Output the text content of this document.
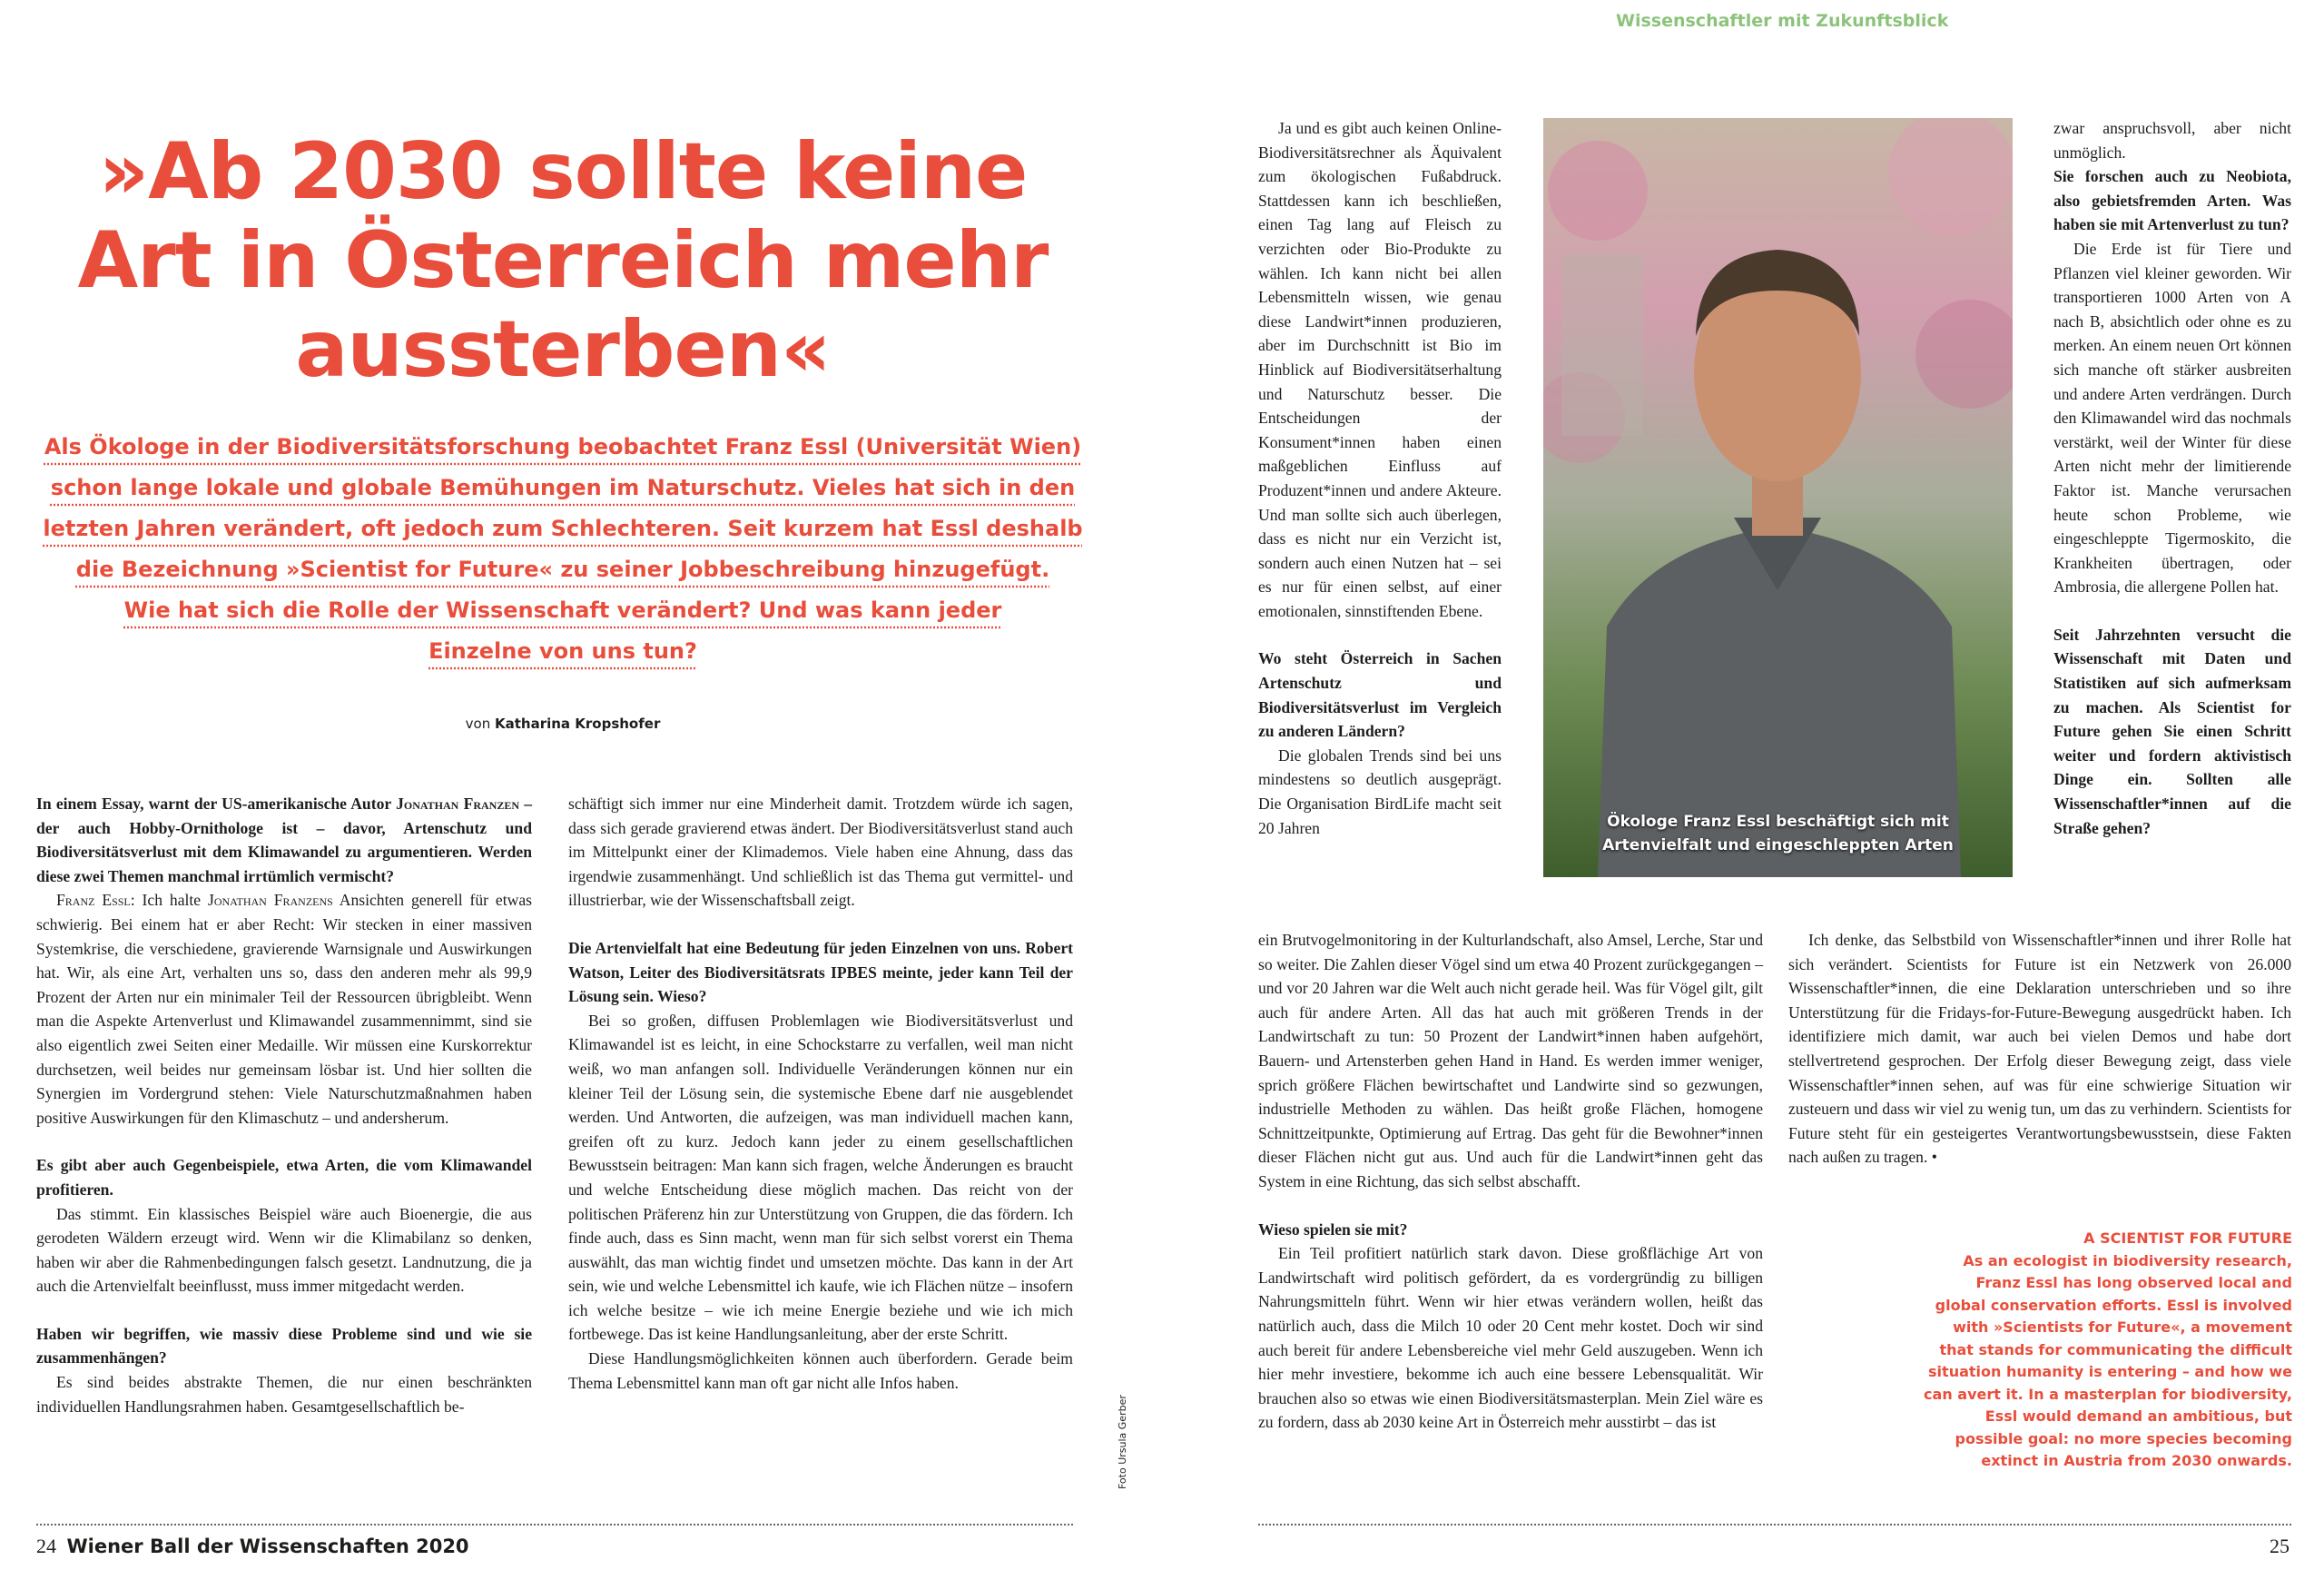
Wissenschaftler mit Zukunftsblick
»Ab 2030 sollte keine Art in Österreich mehr aussterben«
Als Ökologe in der Biodiversitätsforschung beobachtet Franz Essl (Universität Wien)
schon lange lokale und globale Bemühungen im Naturschutz. Vieles hat sich in den
letzten Jahren verändert, oft jedoch zum Schlechteren. Seit kurzem hat Essl deshalb
die Bezeichnung »Scientist for Future« zu seiner Jobbeschreibung hinzugefügt.
Wie hat sich die Rolle der Wissenschaft verändert? Und was kann jeder
Einzelne von uns tun?
von Katharina Kropshofer

In einem Essay, warnt der US-amerikanische Autor Jonathan Franzen – der auch Hobby-Ornithologe ist – davor, Artenschutz und Biodiversitätsverlust mit dem Klimawandel zu argumentieren. Werden diese zwei Themen manchmal irrtümlich vermischt?

Franz Essl: Ich halte Jonathan Franzens Ansichten generell für etwas schwierig. Bei einem hat er aber Recht: Wir stecken in einer massiven Systemkrise, die verschiedene, gravierende Warnsignale und Auswirkungen hat. Wir, als eine Art, verhalten uns so, dass den anderen mehr als 99,9 Prozent der Arten nur ein minimaler Teil der Ressourcen übrigbleibt. Wenn man die Aspekte Artenverlust und Klimawandel zusammennimmt, sind sie also eigentlich zwei Seiten einer Medaille. Wir müssen eine Kurskorrektur durchsetzen, weil beides nur gemeinsam lösbar ist. Und hier sollten die Synergien im Vordergrund stehen: Viele Naturschutzmaßnahmen haben positive Auswirkungen für den Klimaschutz – und andersherum.

Es gibt aber auch Gegenbeispiele, etwa Arten, die vom Klimawandel profitieren.

Das stimmt. Ein klassisches Beispiel wäre auch Bioenergie, die aus gerodeten Wäldern erzeugt wird. Wenn wir die Klimabilanz so denken, haben wir aber die Rahmenbedingungen falsch gesetzt. Landnutzung, die ja auch die Artenvielfalt beeinflusst, muss immer mitgedacht werden.

Haben wir begriffen, wie massiv diese Probleme sind und wie sie zusammenhängen?

Es sind beides abstrakte Themen, die nur einen beschränkten individuellen Handlungsrahmen haben. Gesamtgesellschaftlich be-

schäftigt sich immer nur eine Minderheit damit. Trotzdem würde ich sagen, dass sich gerade gravierend etwas ändert. Der Biodiversitätsverlust stand auch im Mittelpunkt einer der Klimademos. Viele haben eine Ahnung, dass das irgendwie zusammenhängt. Und schließlich ist das Thema gut vermittel- und illustrierbar, wie der Wissenschaftsball zeigt.

Die Artenvielfalt hat eine Bedeutung für jeden Einzelnen von uns. Robert Watson, Leiter des Biodiversitätsrats IPBES meinte, jeder kann Teil der Lösung sein. Wieso?

Bei so großen, diffusen Problemlagen wie Biodiversitätsverlust und Klimawandel ist es leicht, in eine Schockstarre zu verfallen, weil man nicht weiß, wo man anfangen soll. Individuelle Veränderungen können nur ein kleiner Teil der Lösung sein, die systemische Ebene darf nie ausgeblendet werden. Und Antworten, die aufzeigen, was man individuell machen kann, greifen oft zu kurz. Jedoch kann jeder zu einem gesellschaftlichen Bewusstsein beitragen: Man kann sich fragen, welche Änderungen es braucht und welche Entscheidung diese möglich machen. Das reicht von der politischen Präferenz hin zur Unterstützung von Gruppen, die das fördern. Ich finde auch, dass es Sinn macht, wenn man für sich selbst vorerst ein Thema auswählt, das man wichtig findet und umsetzen möchte. Das kann in der Art sein, wie und welche Lebensmittel ich kaufe, wie ich Flächen nütze – insofern ich welche besitze – wie ich meine Energie beziehe und wie ich mich fortbewege. Das ist keine Handlungsanleitung, aber der erste Schritt.

Diese Handlungsmöglichkeiten können auch überfordern. Gerade beim Thema Lebensmittel kann man oft gar nicht alle Infos haben.

Ökologe Franz Essl beschäftigt sich mit
Artenvielfalt und eingeschleppten Arten
Foto Ursula Gerber

Ja und es gibt auch keinen Online-Biodiversitätsrechner als Äquivalent zum ökologischen Fußabdruck. Stattdessen kann ich beschließen, einen Tag lang auf Fleisch zu verzichten oder Bio-Produkte zu wählen. Ich kann nicht bei allen Lebensmitteln wissen, wie genau diese Landwirt*innen produzieren, aber im Durchschnitt ist Bio im Hinblick auf Biodiversitätserhaltung und Naturschutz besser. Die Entscheidungen der Konsument*innen haben einen maßgeblichen Einfluss auf Produzent*innen und andere Akteure. Und man sollte sich auch überlegen, dass es nicht nur ein Verzicht ist, sondern auch einen Nutzen hat – sei es nur für einen selbst, auf einer emotionalen, sinnstiftenden Ebene.

Wo steht Österreich in Sachen Artenschutz und Biodiversitätsverlust im Vergleich zu anderen Ländern?

Die globalen Trends sind bei uns mindestens so deutlich ausgeprägt. Die Organisation BirdLife macht seit 20 Jahren

ein Brutvogelmonitoring in der Kulturlandschaft, also Amsel, Lerche, Star und so weiter. Die Zahlen dieser Vögel sind um etwa 40 Prozent zurückgegangen – und vor 20 Jahren war die Welt auch nicht gerade heil. Was für Vögel gilt, gilt auch für andere Arten. All das hat auch mit größeren Trends in der Landwirtschaft zu tun: 50 Prozent der Landwirt*innen haben aufgehört, Bauern- und Artensterben gehen Hand in Hand. Es werden immer weniger, sprich größere Flächen bewirtschaftet und Landwirte sind so gezwungen, industrielle Methoden zu wählen. Das heißt große Flächen, homogene Schnittzeitpunkte, Optimierung auf Ertrag. Das geht für die Bewohner*innen dieser Flächen nicht gut aus. Und auch für die Landwirt*innen geht das System in eine Richtung, das sich selbst abschafft.

Wieso spielen sie mit?

Ein Teil profitiert natürlich stark davon. Diese großflächige Art von Landwirtschaft wird politisch gefördert, da es vordergründig zu billigen Nahrungsmitteln führt. Wenn wir hier etwas verändern wollen, heißt das natürlich auch, dass die Milch 10 oder 20 Cent mehr kostet. Doch wir sind auch bereit für andere Lebensbereiche viel mehr Geld auszugeben. Wenn ich hier mehr investiere, bekomme ich auch eine bessere Lebensqualität. Wir brauchen also so etwas wie einen Biodiversitätsmasterplan. Mein Ziel wäre es zu fordern, dass ab 2030 keine Art in Österreich mehr ausstirbt – das ist

zwar anspruchsvoll, aber nicht unmöglich.

Sie forschen auch zu Neobiota, also gebietsfremden Arten. Was haben sie mit Artenverlust zu tun?

Die Erde ist für Tiere und Pflanzen viel kleiner geworden. Wir transportieren 1000 Arten von A nach B, absichtlich oder ohne es zu merken. An einem neuen Ort können sich manche oft stärker ausbreiten und andere Arten verdrängen. Durch den Klimawandel wird das nochmals verstärkt, weil der Winter für diese Arten nicht mehr der limitierende Faktor ist. Manche verursachen heute schon Probleme, wie eingeschleppte Tigermoskito, die Krankheiten übertragen, oder Ambrosia, die allergene Pollen hat.

Seit Jahrzehnten versucht die Wissenschaft mit Daten und Statistiken auf sich aufmerksam zu machen. Als Scientist for Future gehen Sie einen Schritt weiter und fordern aktivistisch Dinge ein. Sollten alle Wissenschaftler*innen auf die Straße gehen?

Ich denke, das Selbstbild von Wissenschaftler*innen und ihrer Rolle hat sich verändert. Scientists for Future ist ein Netzwerk von 26.000 Wissenschaftler*innen, die eine Deklaration unterschrieben und so ihre Unterstützung für die Fridays-for-Future-Bewegung ausgedrückt haben. Ich identifiziere mich damit, war auch bei vielen Demos und habe dort stellvertretend gesprochen. Der Erfolg dieser Bewegung zeigt, dass viele Wissenschaftler*innen sehen, auf was für eine schwierige Situation wir zusteuern und dass wir viel zu wenig tun, um das zu verhindern. Scientists for Future steht für ein gesteigertes Verantwortungsbewusstsein, diese Fakten nach außen zu tragen. •

A SCIENTIST FOR FUTURE

As an ecologist in biodiversity research,

Franz Essl has long observed local and

global conservation efforts. Essl is involved

with »Scientists for Future«, a movement

that stands for communicating the difficult

situation humanity is entering – and how we

can avert it. In a masterplan for biodiversity,

Essl would demand an ambitious, but

possible goal: no more species becoming

extinct in Austria from 2030 onwards.

24 Wiener Ball der Wissenschaften 2020	25
